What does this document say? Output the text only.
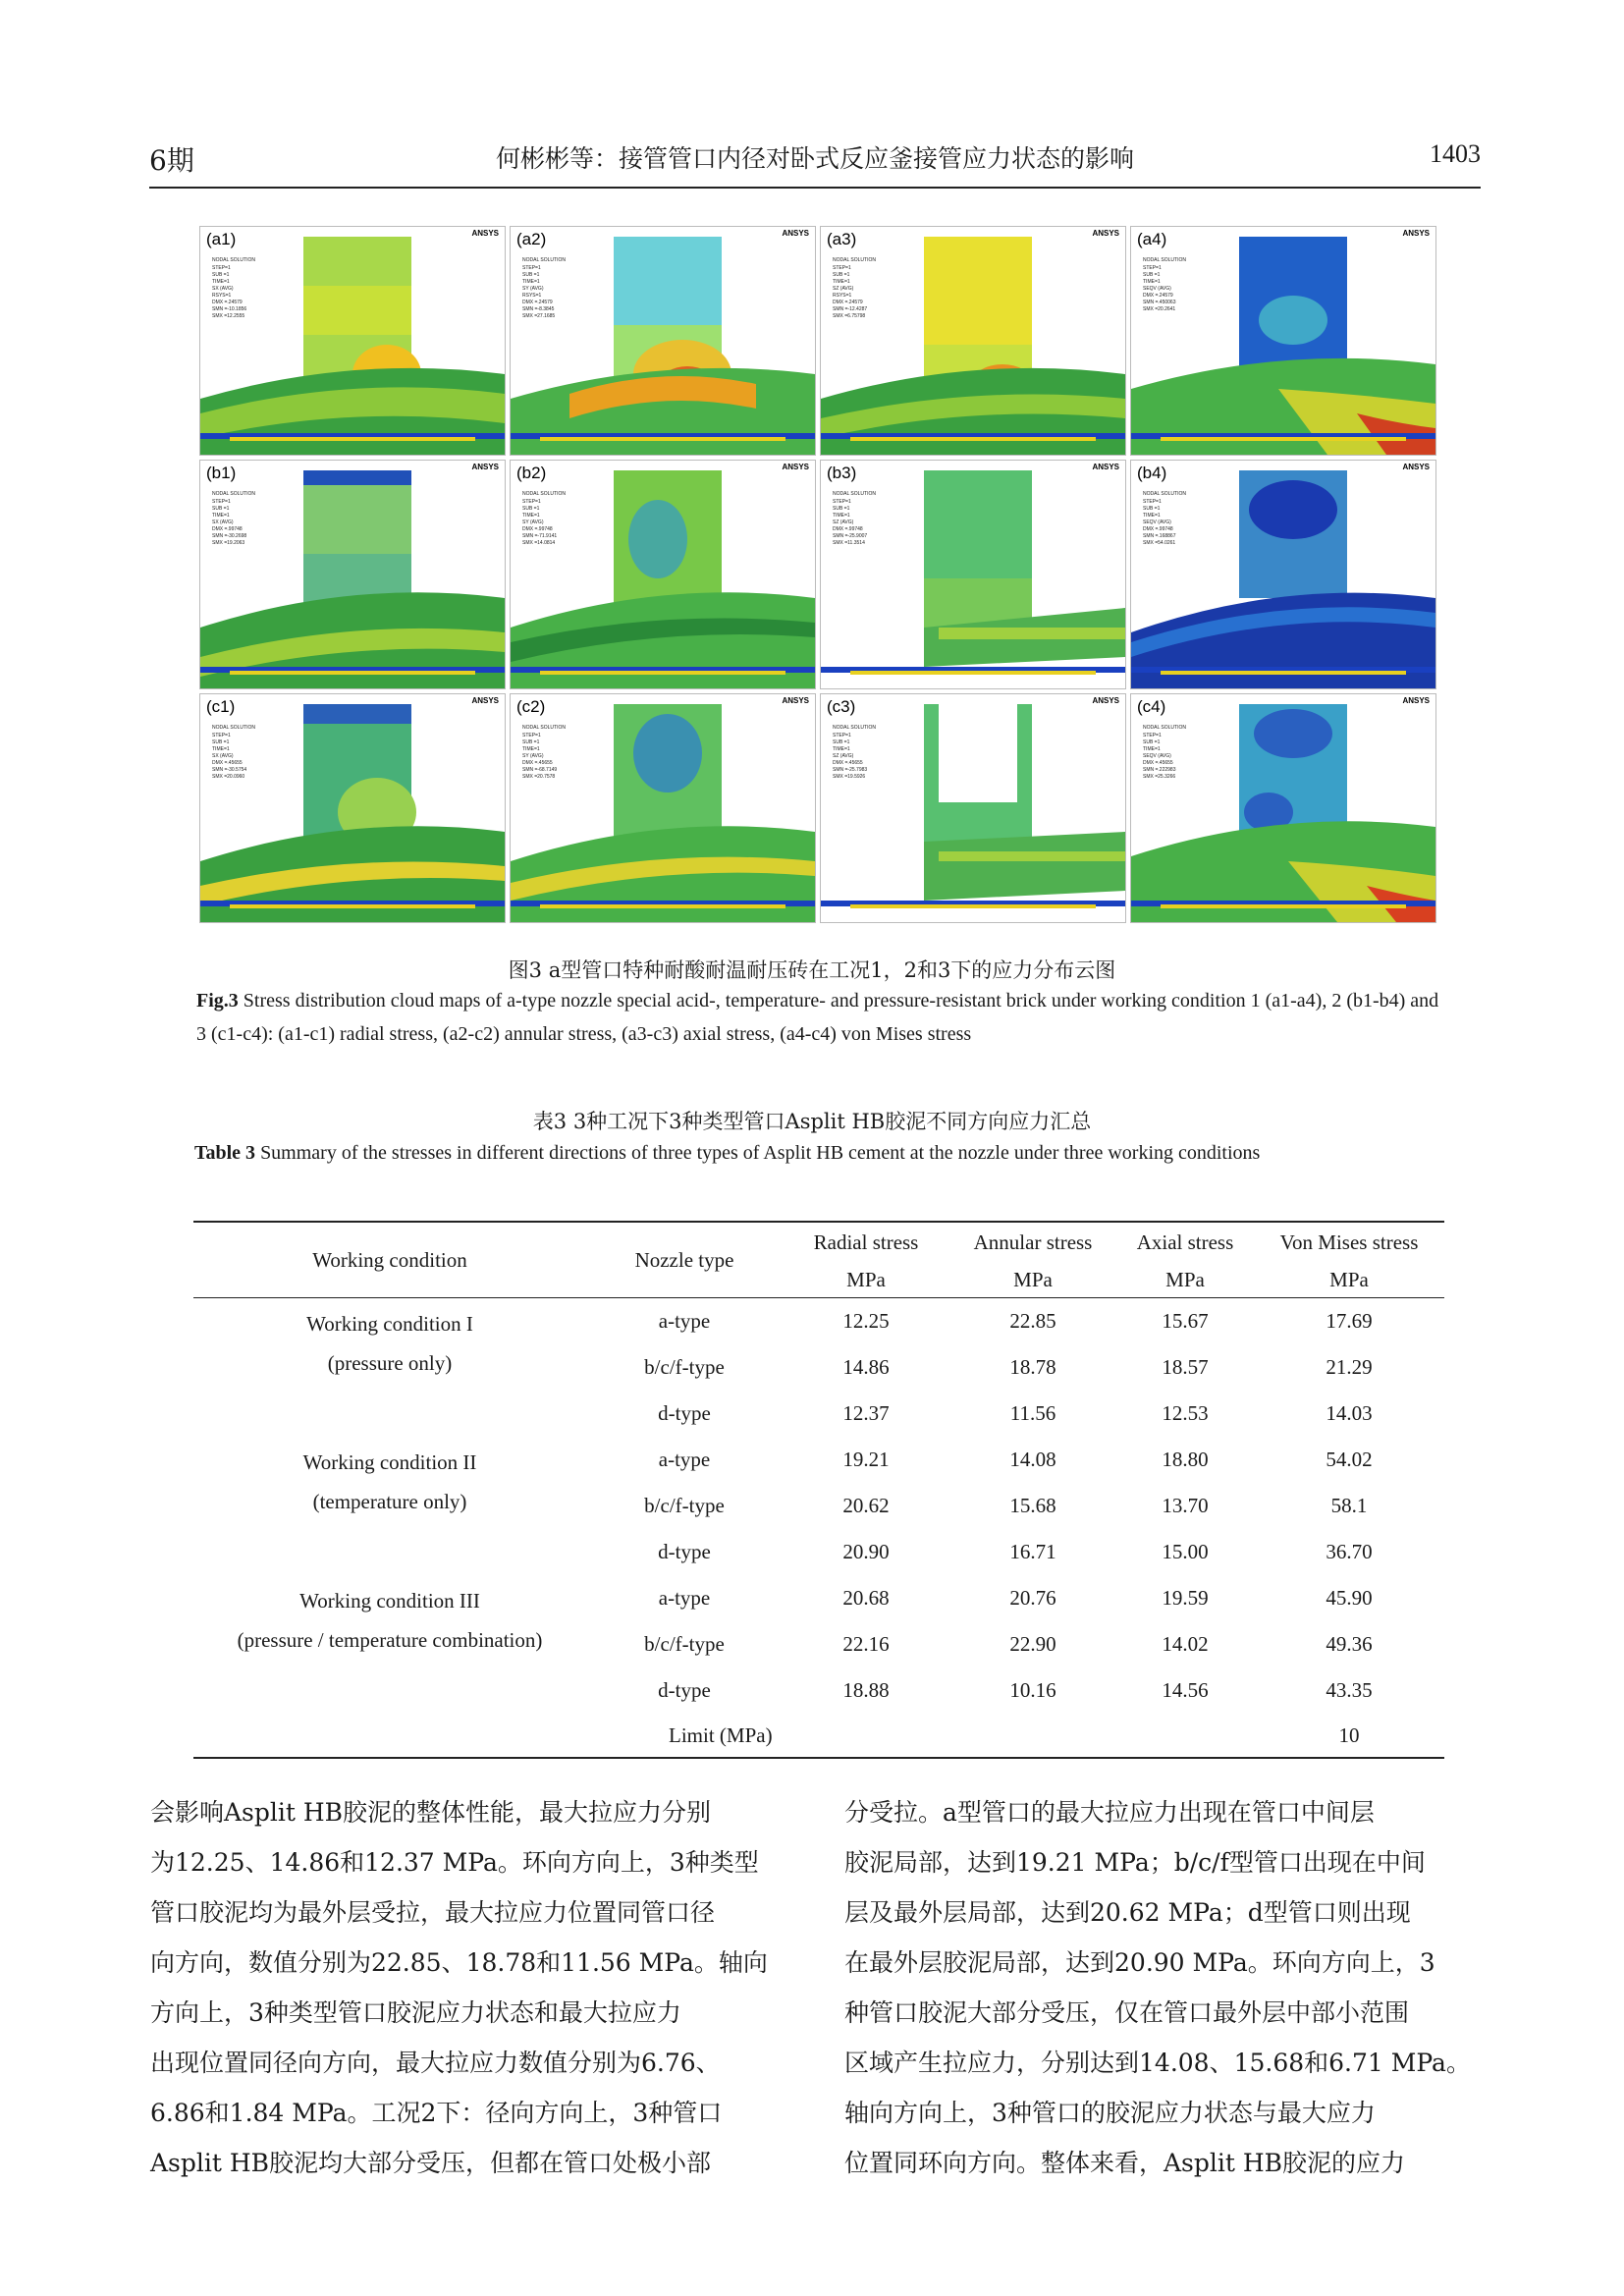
6期	何彬彬等：接管管口内径对卧式反应釜接管应力状态的影响	1403
NODAL SOLUTION
STEP=1
SUB =1
TIME=1
SX (AVG)
RSYS=1
DMX =.24579
SMN =-10.1856
SMX =12.2555
(a1)	ANSYS
NODAL SOLUTION
STEP=1
SUB =1
TIME=1
SY (AVG)
RSYS=1
DMX =.24579
SMN =-8.3845
SMX =27.1685
(a2)	ANSYS
NODAL SOLUTION
STEP=1
SUB =1
TIME=1
SZ (AVG)
RSYS=1
DMX =.24579
SMN =-12.4287
SMX =6.75798
(a3)	ANSYS
NODAL SOLUTION
STEP=1
SUB =1
TIME=1
SEQV (AVG)
DMX =.24579
SMN =.450063
SMX =20.2641
(a4)	ANSYS
NODAL SOLUTION
STEP=1
SUB =1
TIME=1
SX (AVG)
DMX =.99748
SMN =-30.2698
SMX =19.2063
(b1)	ANSYS
NODAL SOLUTION
STEP=1
SUB =1
TIME=1
SY (AVG)
DMX =.99748
SMN =-71.9141
SMX =14.0814
(b2)	ANSYS
NODAL SOLUTION
STEP=1
SUB =1
TIME=1
SZ (AVG)
DMX =.99748
SMN =-25.9007
SMX =11.3514
(b3)	ANSYS
NODAL SOLUTION
STEP=1
SUB =1
TIME=1
SEQV (AVG)
DMX =.99748
SMN =.168867
SMX =54.0261
(b4)	ANSYS
NODAL SOLUTION
STEP=1
SUB =1
TIME=1
SX (AVG)
DMX =.45655
SMN =-30.5754
SMX =20.0960
(c1)	ANSYS
NODAL SOLUTION
STEP=1
SUB =1
TIME=1
SY (AVG)
DMX =.45655
SMN =-68.7149
SMX =20.7578
(c2)	ANSYS
NODAL SOLUTION
STEP=1
SUB =1
TIME=1
SZ (AVG)
DMX =.45655
SMN =-25.7983
SMX =19.5926
(c3)	ANSYS
NODAL SOLUTION
STEP=1
SUB =1
TIME=1
SEQV (AVG)
DMX =.45655
SMN =.222983
SMX =25.3266
(c4)	ANSYS
图3 a型管口特种耐酸耐温耐压砖在工况1，2和3下的应力分布云图
Fig.3 Stress distribution cloud maps of a-type nozzle special acid-, temperature- and pressure-resistant brick under working condition 1 (a1-a4), 2 (b1-b4) and 3 (c1-c4): (a1-c1) radial stress, (a2-c2) annular stress, (a3-c3) axial stress, (a4-c4) von Mises stress
表3 3种工况下3种类型管口Asplit HB胶泥不同方向应力汇总
Table 3 Summary of the stresses in different directions of three types of Asplit HB cement at the nozzle under three working conditions
Working condition	Nozzle type	Radial stress	Annular stress	Axial stress	Von Mises stress
		MPa	MPa	MPa	MPa

Working condition I
(pressure only)	a-type	12.25	22.85	15.67	17.69
	b/c/f-type	14.86	18.78	18.57	21.29
	d-type	12.37	11.56	12.53	14.03

Working condition II
(temperature only)	a-type	19.21	14.08	18.80	54.02
	b/c/f-type	20.62	15.68	13.70	58.1
	d-type	20.90	16.71	15.00	36.70

Working condition III
(pressure / temperature combination)	a-type	20.68	20.76	19.59	45.90
	b/c/f-type	22.16	22.90	14.02	49.36
	d-type	18.88	10.16	14.56	43.35
	Limit (MPa)				10

会影响Asplit HB胶泥的整体性能，最大拉应力分别

为12.25、14.86和12.37 MPa。环向方向上，3种类型

管口胶泥均为最外层受拉，最大拉应力位置同管口径

向方向，数值分别为22.85、18.78和11.56 MPa。轴向

方向上，3种类型管口胶泥应力状态和最大拉应力

出现位置同径向方向，最大拉应力数值分别为6.76、

6.86和1.84 MPa。工况2下：径向方向上，3种管口

Asplit HB胶泥均大部分受压，但都在管口处极小部

分受拉。a型管口的最大拉应力出现在管口中间层

胶泥局部，达到19.21 MPa；b/c/f型管口出现在中间

层及最外层局部，达到20.62 MPa；d型管口则出现

在最外层胶泥局部，达到20.90 MPa。环向方向上，3

种管口胶泥大部分受压，仅在管口最外层中部小范围

区域产生拉应力，分别达到14.08、15.68和6.71 MPa。

轴向方向上，3种管口的胶泥应力状态与最大应力

位置同环向方向。整体来看，Asplit HB胶泥的应力
